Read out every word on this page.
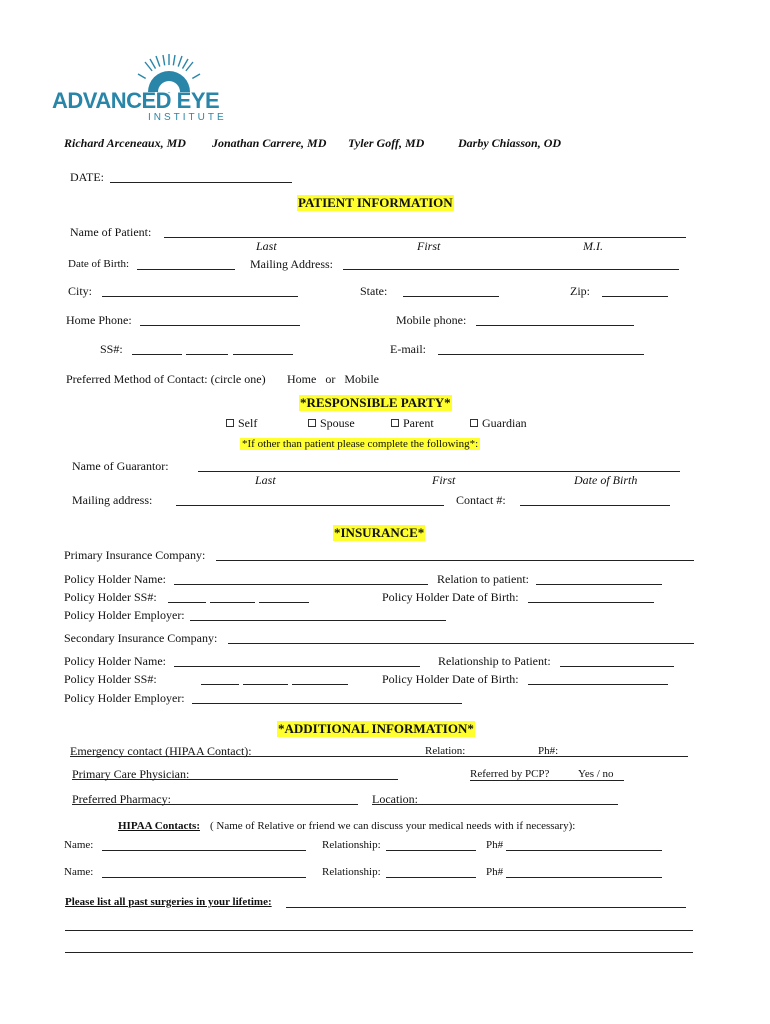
ADVANCED EYE
INSTITUTE
Richard Arceneaux, MD Jonathan Carrere, MD Tyler Goff, MD	Darby Chiasson, OD
DATE:
PATIENT INFORMATION
Name of Patient:
Last	First	M.I.
Date of Birth:	Mailing Address:
City:	State:	Zip:
Home Phone:	Mobile phone:
SS#:	E-mail:
Preferred Method of Contact: (circle one) Home   or   Mobile
*RESPONSIBLE PARTY*
Self	Spouse	Parent	Guardian
*If other than patient please complete the following*:
Name of Guarantor:
Last	First	Date of Birth
Mailing address:	Contact #:
*INSURANCE*
Primary Insurance Company:
Policy Holder Name:	Relation to patient:
Policy Holder SS#:	Policy Holder Date of Birth:
Policy Holder Employer:
Secondary Insurance Company:
Policy Holder Name:	Relationship to Patient:
Policy Holder SS#:	Policy Holder Date of Birth:
Policy Holder Employer:
*ADDITIONAL INFORMATION*
Emergency contact (HIPAA Contact):	Relation:	Ph#:
Primary Care Physician:	Referred by PCP?	Yes / no
Preferred Pharmacy:	Location:
HIPAA Contacts: ( Name of Relative or friend we can discuss your medical needs with if necessary):
Name:	Relationship:	Ph#
Name:	Relationship:	Ph#
Please list all past surgeries in your lifetime:
